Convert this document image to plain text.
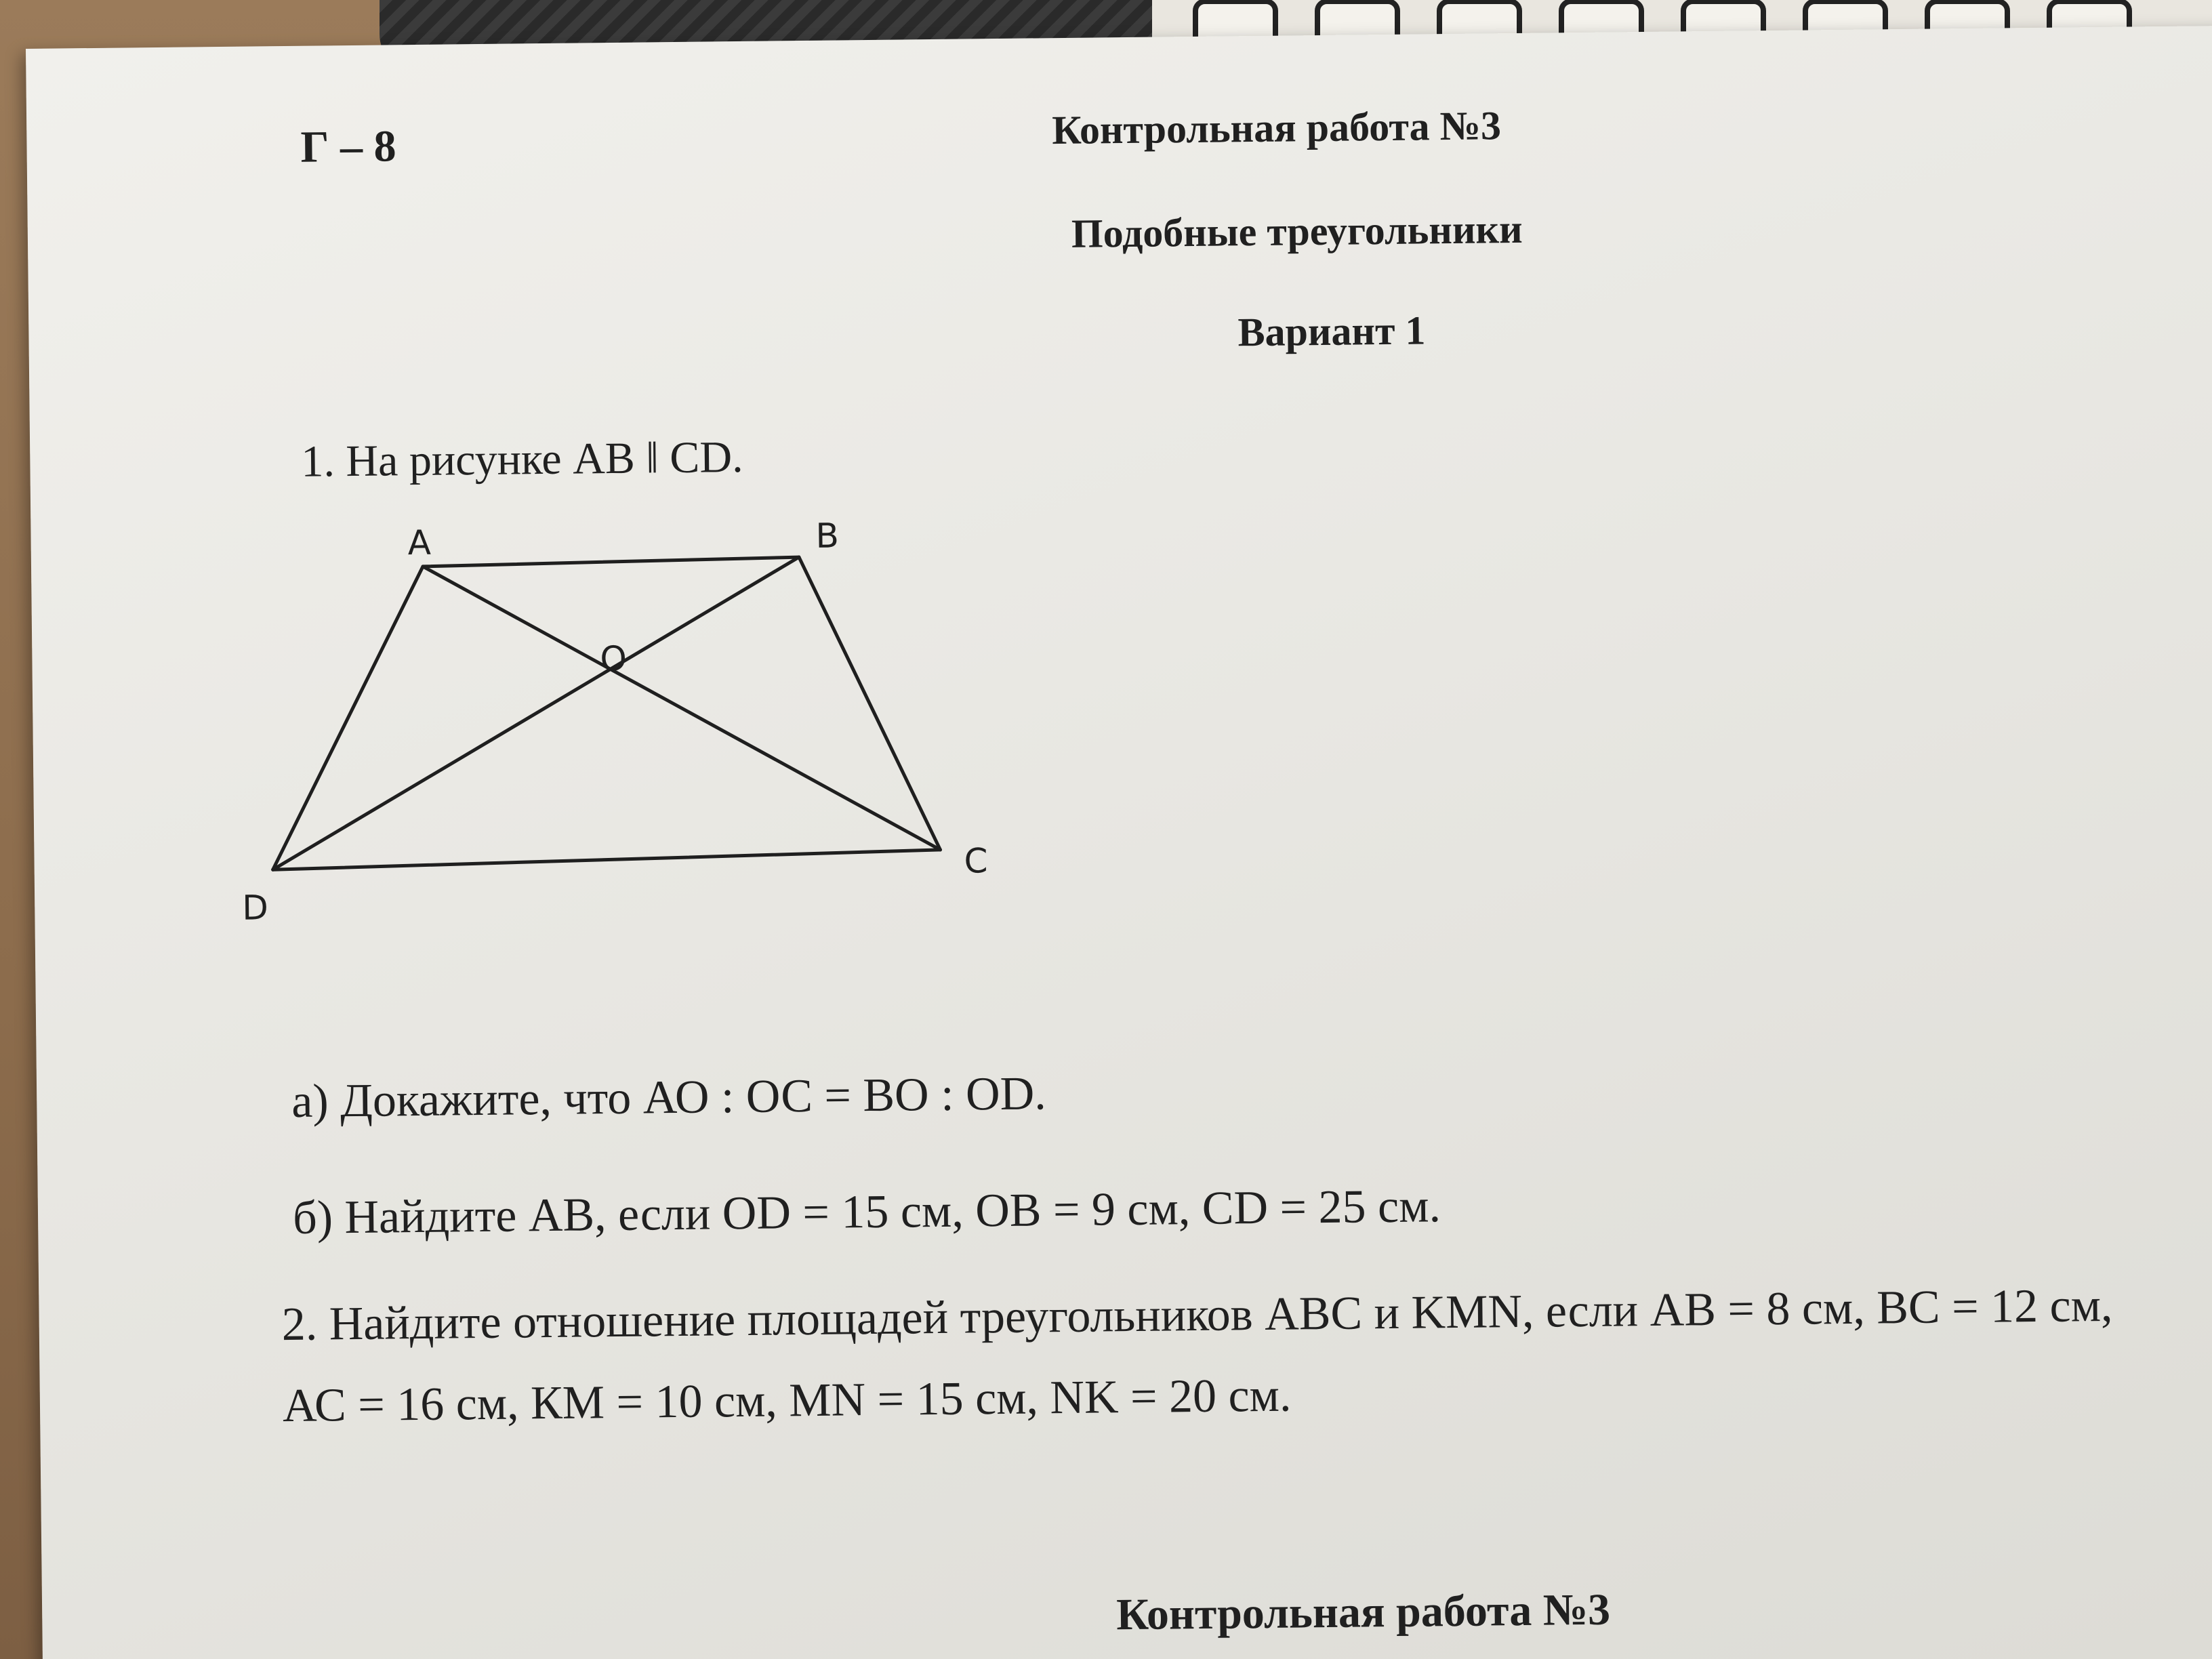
Г – 8	Контрольная работа №3
Подобные треугольники
Вариант 1
1. На рисунке AB ‖ CD.
A	B
O
C
D
а) Докажите, что АО : ОС = ВО : OD.
б) Найдите АВ, если OD = 15 см, OB = 9 см, CD = 25 см.
2. Найдите отношение площадей треугольников АВС и KMN, если АВ = 8 см, ВС = 12 см,
АС = 16 см, КМ = 10 см, MN = 15 см, NK = 20 см.
Контрольная работа №3
